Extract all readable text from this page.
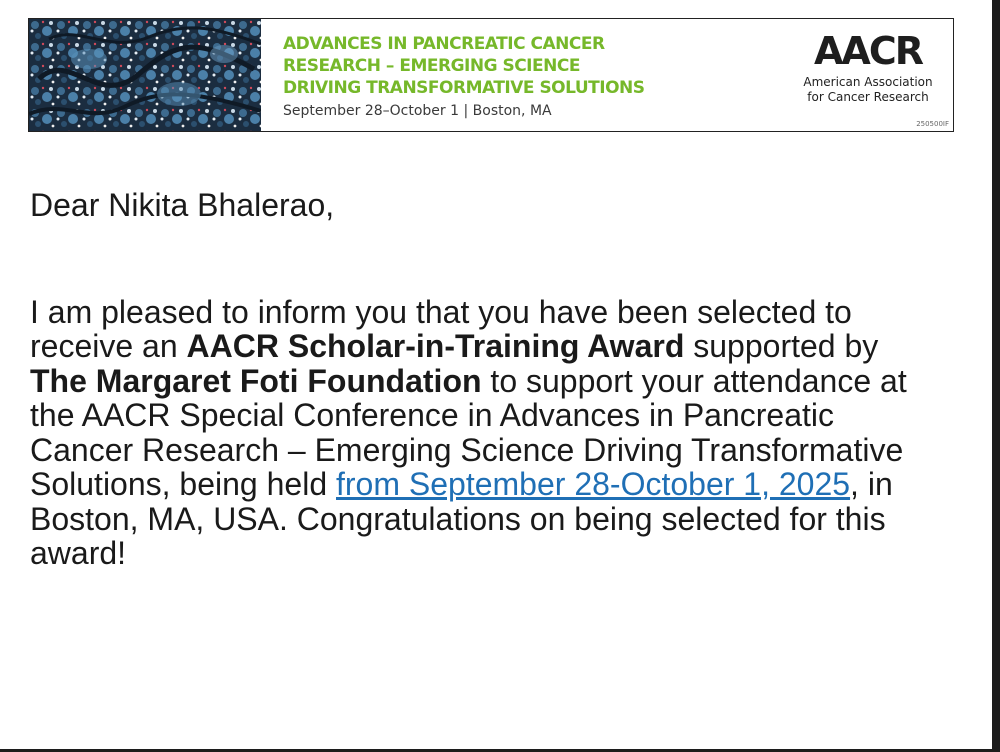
ADVANCES IN PANCREATIC CANCER
RESEARCH – EMERGING SCIENCE
DRIVING TRANSFORMATIVE SOLUTIONS

September 28–October 1 | Boston, MA
AACR
American Association
for Cancer Research
250500IF

Dear Nikita Bhalerao,

I am pleased to inform you that you have been selected to receive an AACR Scholar-in-Training Award supported by The Margaret Foti Foundation to support your attendance at the AACR Special Conference in Advances in Pancreatic Cancer Research – Emerging Science Driving Transformative Solutions, being held from September 28-October 1, 2025, in Boston, MA, USA. Congratulations on being selected for this award!
